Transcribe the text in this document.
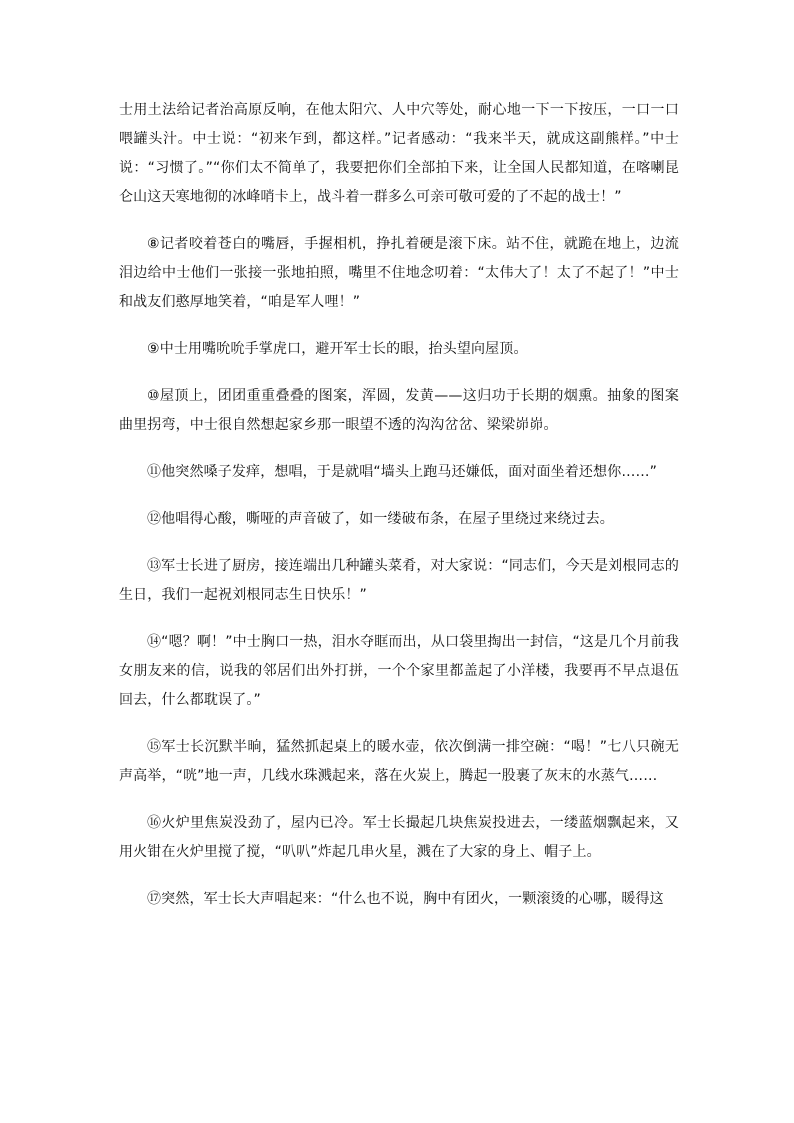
士用土法给记者治高原反响，在他太阳穴、人中穴等处，耐心地一下一下按压，一口一口喂罐头汁。中士说：“初来乍到，都这样。”记者感动：“我来半天，就成这副熊样。”中士说：“习惯了。”“你们太不简单了，我要把你们全部拍下来，让全国人民都知道，在喀喇昆仑山这天寒地彻的冰峰哨卡上，战斗着一群多么可亲可敬可爱的了不起的战士！”

⑧记者咬着苍白的嘴唇，手握相机，挣扎着硬是滚下床。站不住，就跪在地上，边流泪边给中士他们一张接一张地拍照，嘴里不住地念叨着：“太伟大了！太了不起了！”中士和战友们憨厚地笑着，“咱是军人哩！”

⑨中士用嘴吮吮手掌虎口，避开军士长的眼，抬头望向屋顶。

⑩屋顶上，团团重重叠叠的图案，浑圆，发黄——这归功于长期的烟熏。抽象的图案曲里拐弯，中士很自然想起家乡那一眼望不透的沟沟岔岔、梁梁峁峁。

⑪他突然嗓子发痒，想唱，于是就唱“墙头上跑马还嫌低，面对面坐着还想你……”

⑫他唱得心酸，嘶哑的声音破了，如一缕破布条，在屋子里绕过来绕过去。

⑬军士长进了厨房，接连端出几种罐头菜肴，对大家说：“同志们，今天是刘根同志的生日，我们一起祝刘根同志生日快乐！”

⑭“嗯？啊！”中士胸口一热，泪水夺眶而出，从口袋里掏出一封信，“这是几个月前我女朋友来的信，说我的邻居们出外打拼，一个个家里都盖起了小洋楼，我要再不早点退伍回去，什么都耽误了。”

⑮军士长沉默半晌，猛然抓起桌上的暖水壶，依次倒满一排空碗：“喝！”七八只碗无声高举，“咣”地一声，几线水珠溅起来，落在火炭上，腾起一股裹了灰末的水蒸气……

⑯火炉里焦炭没劲了，屋内已冷。军士长撮起几块焦炭投进去，一缕蓝烟飘起来，又用火钳在火炉里搅了搅，“叭叭”炸起几串火星，溅在了大家的身上、帽子上。

⑰突然，军士长大声唱起来：“什么也不说，胸中有团火，一颗滚烫的心哪，暖得这
